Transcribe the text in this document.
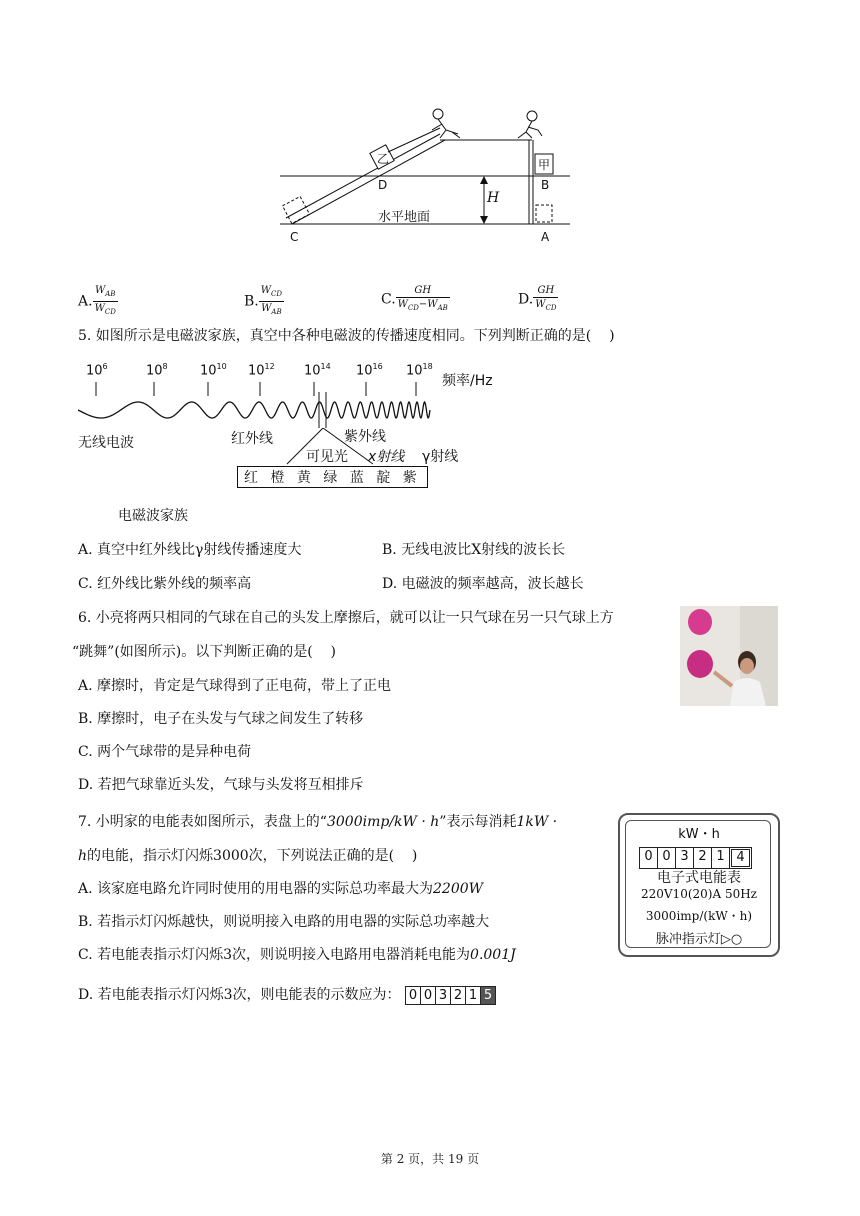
乙	甲
D	B
H
水平地面
C	A
A. $\frac{W_{AB}}{W_{CD}}$	B. $\frac{W_{CD}}{W_{AB}}$	C. $\frac{GH}{W_{CD}-W_{AB}}$	D. $\frac{GH}{W_{CD}}$
5. 如图所示是电磁波家族，真空中各种电磁波的传播速度相同。下列判断正确的是(    )
$10^6$	$10^8$ $10^{10}$ $10^{12}$ $10^{14}$ $10^{16}$ $10^{18}$
频率/Hz
无线电波	红外线	紫外线
可见光 x射线 γ射线
红 橙 黄 绿 蓝 靛 紫
电磁波家族
A. 真空中红外线比γ射线传播速度大	B. 无线电波比X射线的波长长
C. 红外线比紫外线的频率高	D. 电磁波的频率越高，波长越长
6. 小亮将两只相同的气球在自己的头发上摩擦后，就可以让一只气球在另一只气球上方
“跳舞”(如图所示)。以下判断正确的是(    )
A. 摩擦时，肯定是气球得到了正电荷，带上了正电
B. 摩擦时，电子在头发与气球之间发生了转移
C. 两个气球带的是异种电荷
D. 若把气球靠近头发，气球与头发将互相排斥
7. 小明家的电能表如图所示，表盘上的“3000imp/kW · h”表示每消耗1kW ·
h的电能，指示灯闪烁3000次，下列说法正确的是(    )
A. 该家庭电路允许同时使用的用电器的实际总功率最大为2200W
B. 若指示灯闪烁越快，则说明接入电路的用电器的实际总功率越大
C. 若电能表指示灯闪烁3次，则说明接入电路用电器消耗电能为0.001J
D. 若电能表指示灯闪烁3次，则电能表的示数应为： 0 0 3 2 1 5
kW・h
0 0 3 2 1 4
电子式电能表
220V10(20)A 50Hz
3000imp/(kW・h)
脉冲指示灯▷○
第 2 页，共 19 页
